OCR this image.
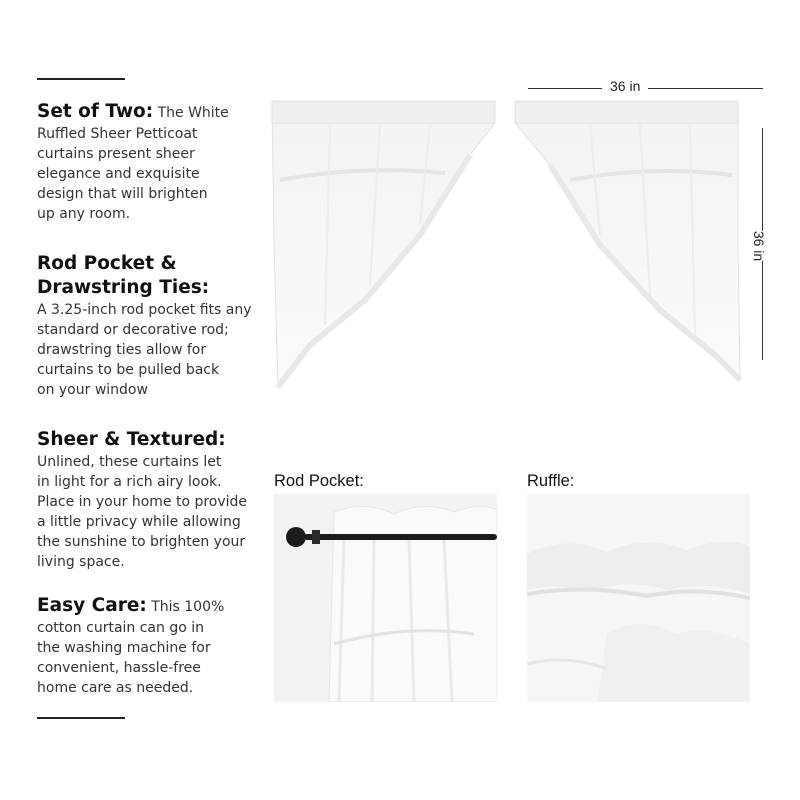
Set of Two: The White

Ruffled Sheer Petticoat

curtains present sheer

elegance and exquisite

design that will brighten

up any room.

Rod Pocket &

Drawstring Ties:

A 3.25-inch rod pocket fits any

standard or decorative rod;

drawstring ties allow for

curtains to be pulled back

on your window

Sheer & Textured:

Unlined, these curtains let

in light for a rich airy look.

Place in your home to provide

a little privacy while allowing

the sunshine to brighten your

living space.

Easy Care: This 100%

cotton curtain can go in

the washing machine for

convenient, hassle-free

home care as needed.

36 in
36 in
Rod Pocket:	Ruffle:
